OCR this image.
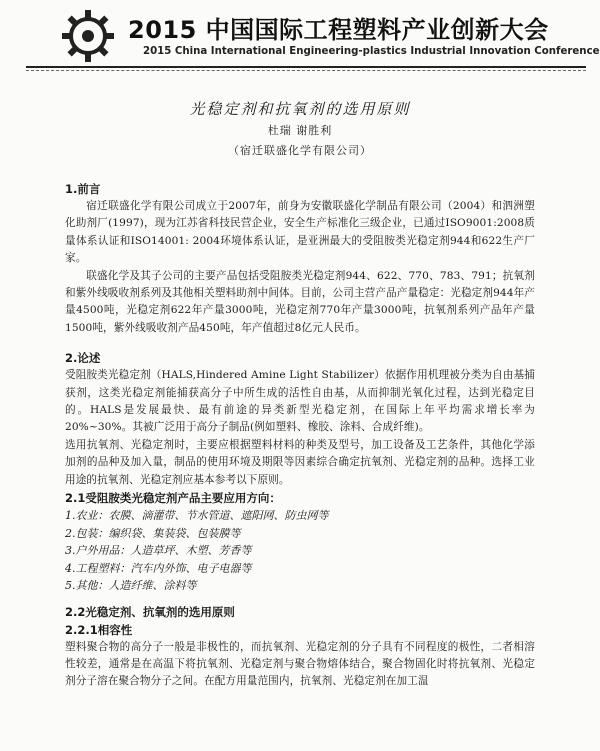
2015 中国国际工程塑料产业创新大会
2015 China International Engineering-plastics Industrial Innovation Conference
光稳定剂和抗氧剂的选用原则
杜瑞 谢胜利
（宿迁联盛化学有限公司）

1.前言

宿迁联盛化学有限公司成立于2007年，前身为安徽联盛化学制品有限公司（2004）和泗洲塑化助剂厂(1997)，现为江苏省科技民营企业，安全生产标准化三级企业，已通过ISO9001:2008质量体系认证和ISO14001: 2004环境体系认证，是亚洲最大的受阻胺类光稳定剂944和622生产厂家。

联盛化学及其子公司的主要产品包括受阻胺类光稳定剂944、622、770、783、791；抗氧剂和紫外线吸收剂系列及其他相关塑料助剂中间体。目前，公司主营产品产量稳定：光稳定剂944年产量4500吨，光稳定剂622年产量3000吨，光稳定剂770年产量3000吨，抗氧剂系列产品年产量1500吨，紫外线吸收剂产品450吨，年产值超过8亿元人民币。

2.论述

受阻胺类光稳定剂（HALS,Hindered Amine Light Stabilizer）依据作用机理被分类为自由基捕获剂，这类光稳定剂能捕获高分子中所生成的活性自由基，从而抑制光氧化过程，达到光稳定目的。HALS是发展最快、最有前途的异类新型光稳定剂，在国际上年平均需求增长率为20%~30%。其被广泛用于高分子制品(例如塑料、橡胶、涂料、合成纤维)。

选用抗氧剂、光稳定剂时，主要应根据塑料材料的种类及型号，加工设备及工艺条件，其他化学添加剂的品种及加入量，制品的使用环境及期限等因素综合确定抗氧剂、光稳定剂的品种。选择工业用途的抗氧剂、光稳定剂应基本参考以下原则。

2.1受阻胺类光稳定剂产品主要应用方向：

1.农业：农膜、滴灌带、节水管道、遮阳网、防虫网等

2.包装：编织袋、集装袋、包装膜等

3.户外用品：人造草坪、木塑、芳香等

4.工程塑料：汽车内外饰、电子电器等

5.其他：人造纤维、涂料等

2.2光稳定剂、抗氧剂的选用原则

2.2.1相容性

塑料聚合物的高分子一般是非极性的，而抗氧剂、光稳定剂的分子具有不同程度的极性，二者相溶性较差，通常是在高温下将抗氧剂、光稳定剂与聚合物熔体结合，聚合物固化时将抗氧剂、光稳定剂分子溶在聚合物分子之间。在配方用量范围内，抗氧剂、光稳定剂在加工温
